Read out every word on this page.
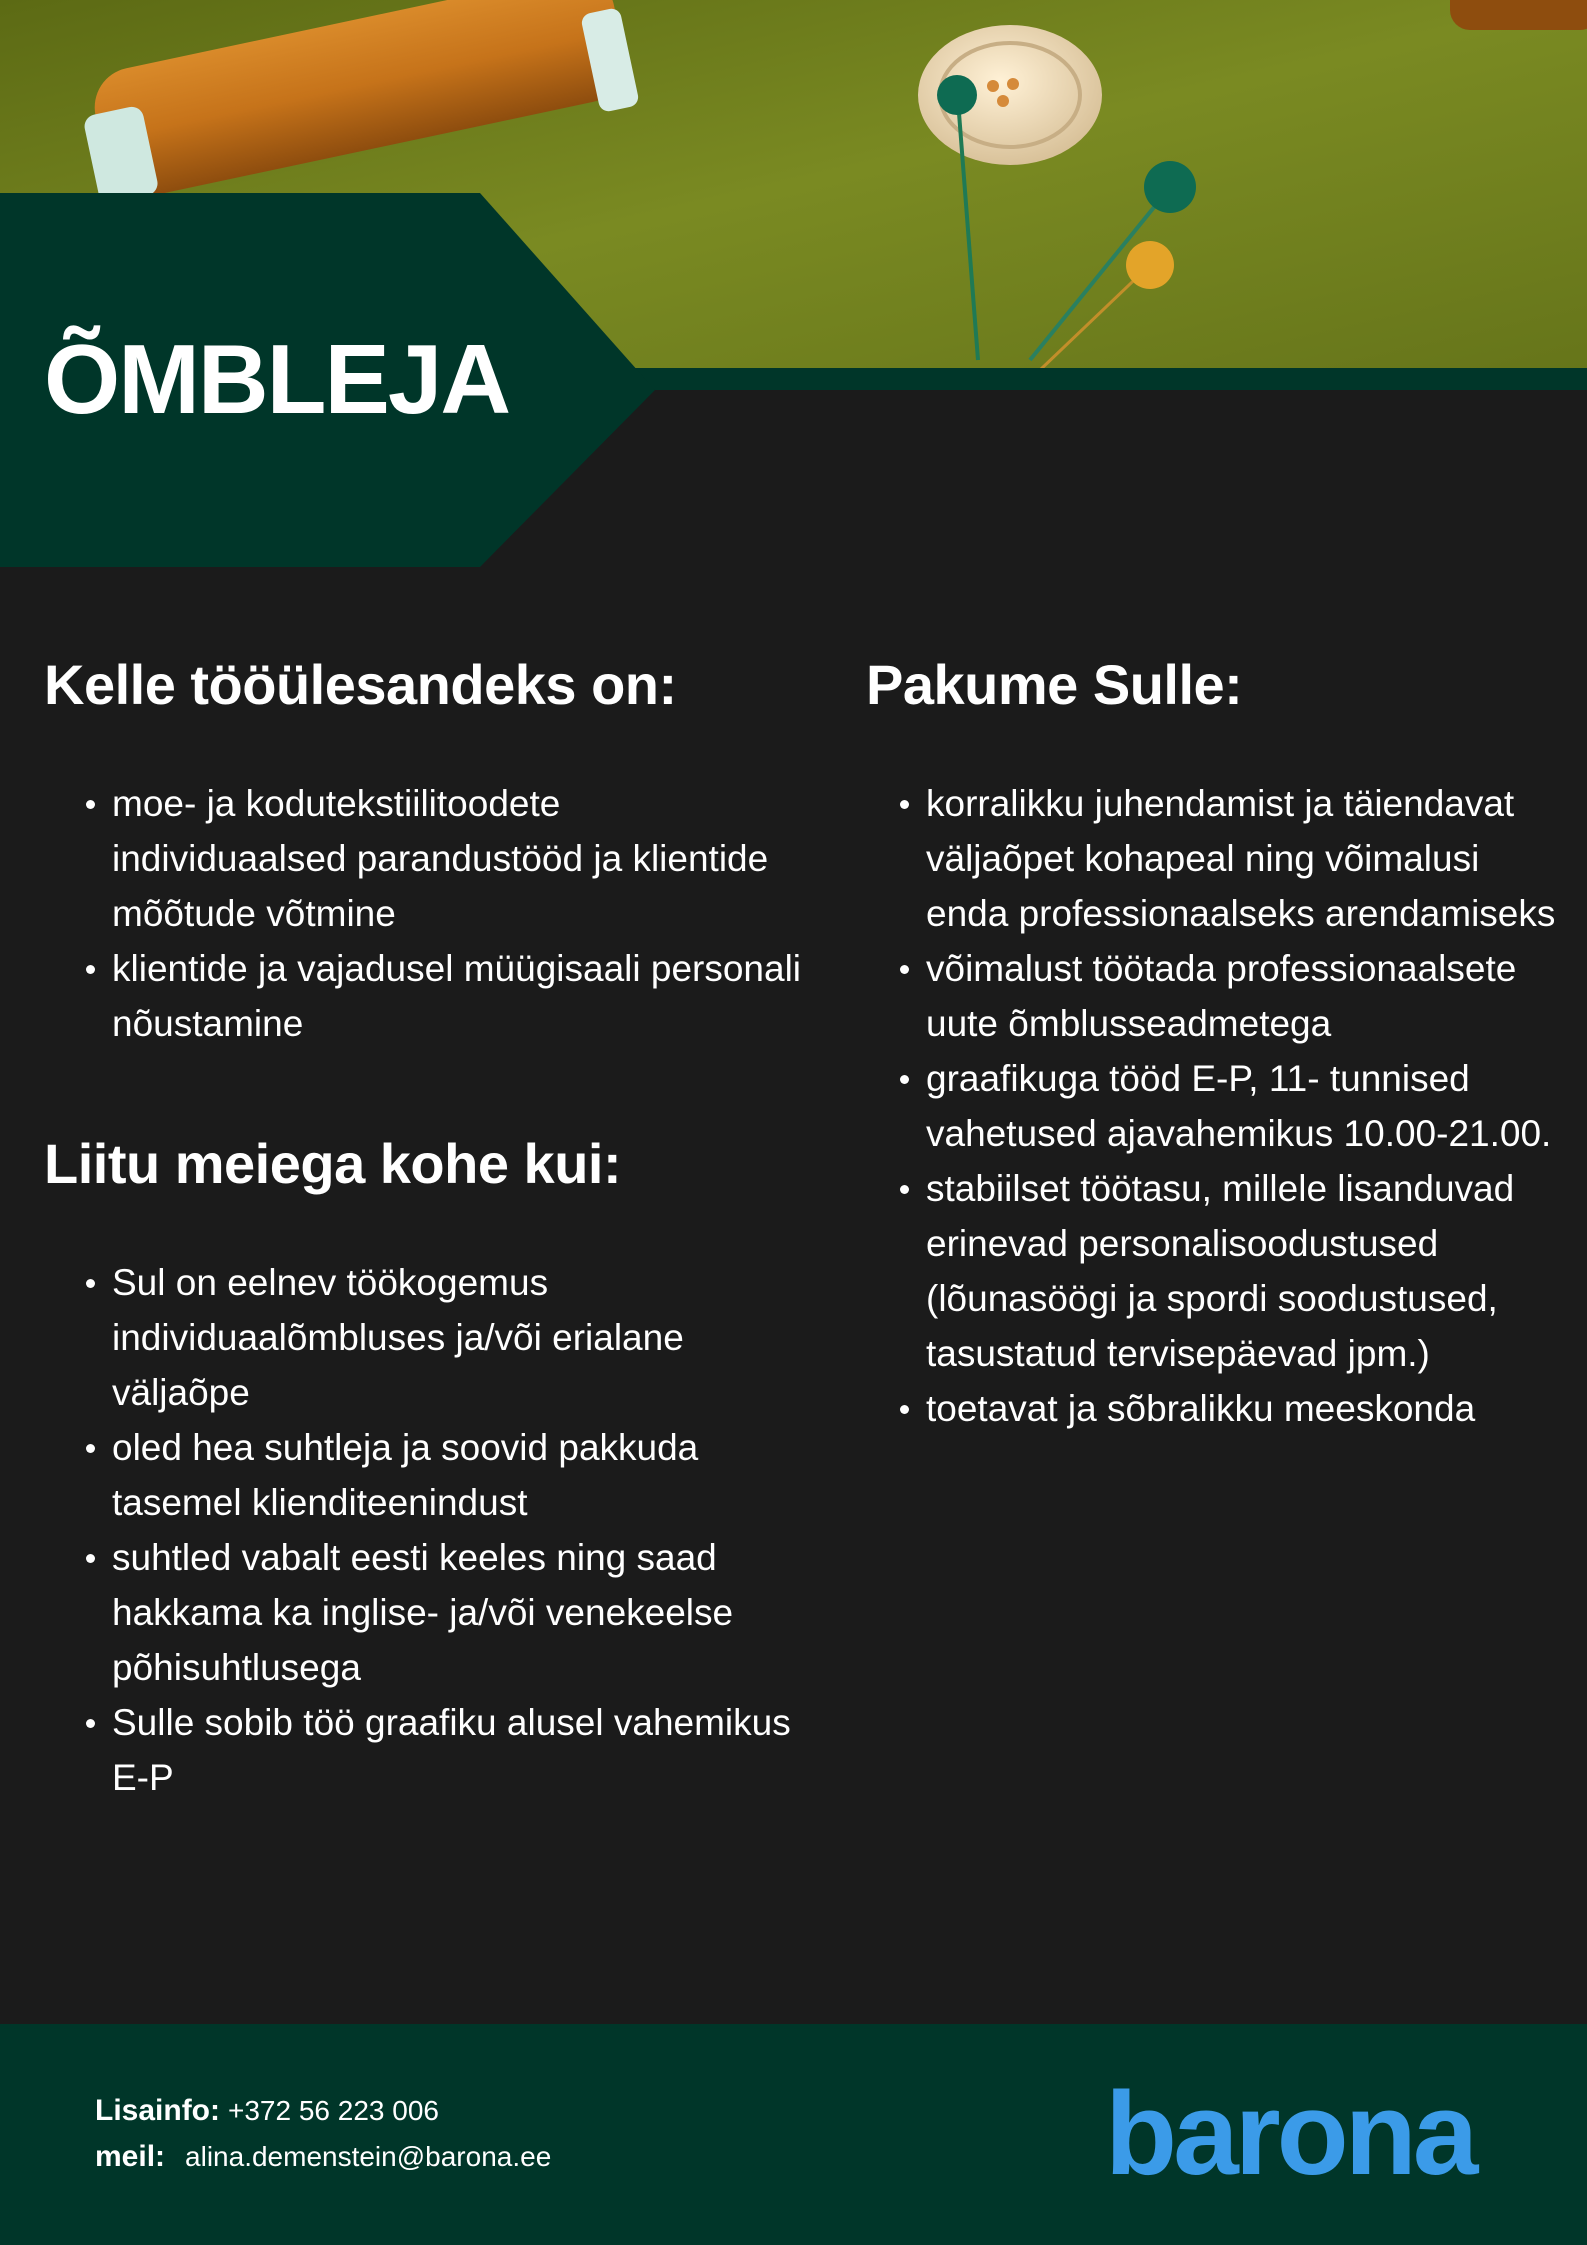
ÕMBLEJA
Kelle tööülesandeks on:
moe- ja kodutekstiilitoodete individuaalsed parandustööd ja klientide mõõtude võtmine
klientide ja vajadusel müügisaali personali nõustamine
Liitu meiega kohe kui:
Sul on eelnev töökogemus individuaalõmbluses ja/või erialane väljaõpe
oled hea suhtleja ja soovid pakkuda tasemel klienditeenindust
suhtled vabalt eesti keeles ning saad hakkama ka inglise- ja/või venekeelse põhisuhtlusega
Sulle sobib töö graafiku alusel vahemikus E-P
Pakume Sulle:
korralikku juhendamist ja täiendavat väljaõpet kohapeal ning võimalusi enda professionaalseks arendamiseks
võimalust töötada professionaalsete uute õmblusseadmetega
graafikuga tööd E-P, 11- tunnised vahetused ajavahemikus 10.00-21.00.
stabiilset töötasu, millele lisanduvad erinevad personalisoodustused (lõunasöögi ja spordi soodustused, tasustatud tervisepäevad jpm.)
toetavat ja sõbralikku meeskonda
Lisainfo: +372 56 223 006
meil: alina.demenstein@barona.ee	barona
